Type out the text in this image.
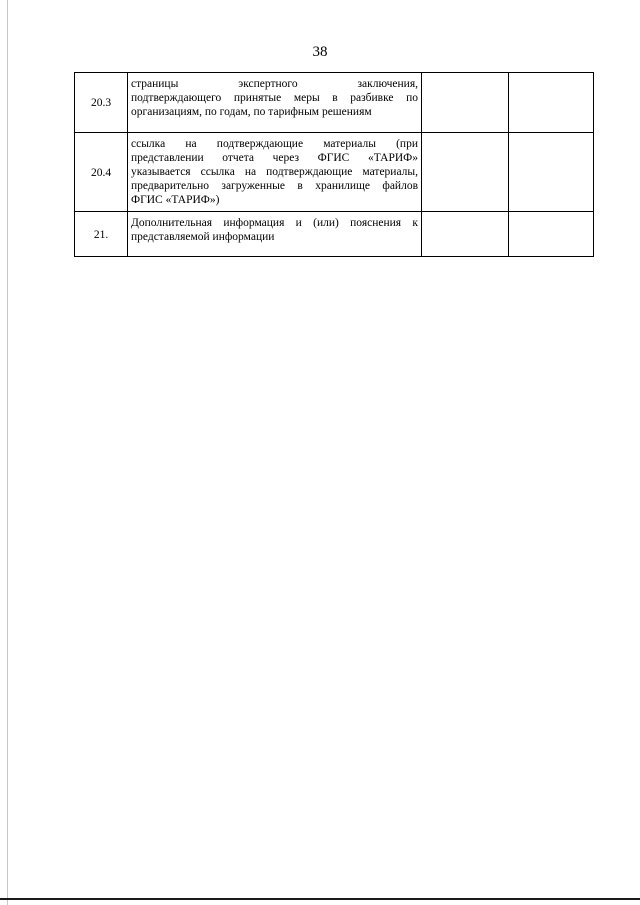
38
20.3	страницы экспертного заключения,
подтверждающего принятые меры в разбивке по
организациям, по годам, по тарифным решениям		

20.4	ссылка на подтверждающие материалы (при
представлении отчета через ФГИС «ТАРИФ»
указывается ссылка на подтверждающие материалы,
предварительно загруженные в хранилище файлов
ФГИС «ТАРИФ»)		

21.	Дополнительная информация и (или) пояснения к
представляемой информации		
